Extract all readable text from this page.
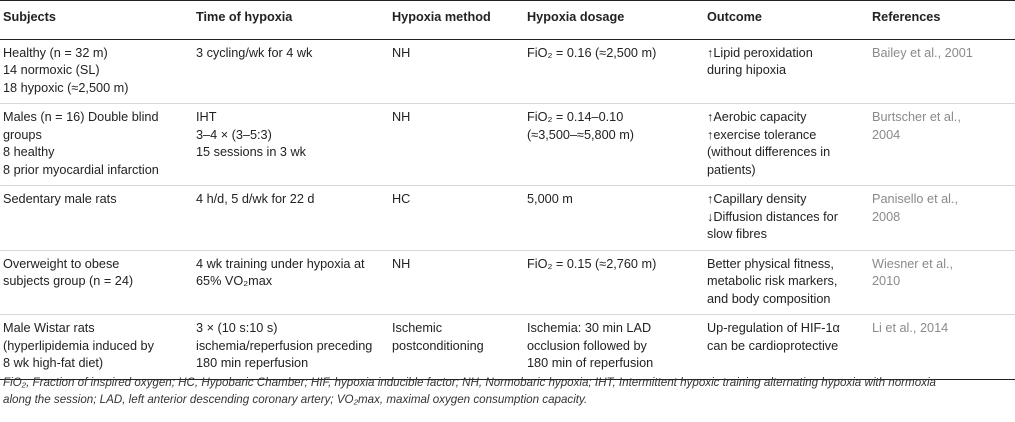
Subjects	Time of hypoxia	Hypoxia method	Hypoxia dosage	Outcome	References

Healthy (n = 32 m)
14 normoxic (SL)
18 hypoxic (≈2,500 m)	3 cycling/wk for 4 wk	NH	FiO₂ = 0.16 (≈2,500 m)	↑Lipid peroxidation
during hipoxia	Bailey et al., 2001

Males (n = 16) Double blind
groups
8 healthy
8 prior myocardial infarction	IHT
3–4 × (3–5:3)
15 sessions in 3 wk	NH	FiO₂ = 0.14–0.10
(≈3,500–≈5,800 m)	↑Aerobic capacity
↑exercise tolerance
(without differences in
patients)	Burtscher et al.,
2004

Sedentary male rats	4 h/d, 5 d/wk for 22 d	HC	5,000 m	↑Capillary density
↓Diffusion distances for
slow fibres	Panisello et al.,
2008

Overweight to obese
subjects group (n = 24)	4 wk training under hypoxia at
65% VO₂max	NH	FiO₂ = 0.15 (≈2,760 m)	Better physical fitness,
metabolic risk markers,
and body composition	Wiesner et al.,
2010

Male Wistar rats
(hyperlipidemia induced by
8 wk high-fat diet)	3 × (10 s:10 s)
ischemia/reperfusion preceding
180 min reperfusion	Ischemic
postconditioning	Ischemia: 30 min LAD
occlusion followed by
180 min of reperfusion	Up-regulation of HIF-1α
can be cardioprotective	Li et al., 2014
FiO₂, Fraction of inspired oxygen; HC, Hypobaric Chamber; HIF, hypoxia inducible factor; NH, Normobaric hypoxia; IHT, Intermittent hypoxic training alternating hypoxia with normoxia
along the session; LAD, left anterior descending coronary artery; VO₂max, maximal oxygen consumption capacity.
